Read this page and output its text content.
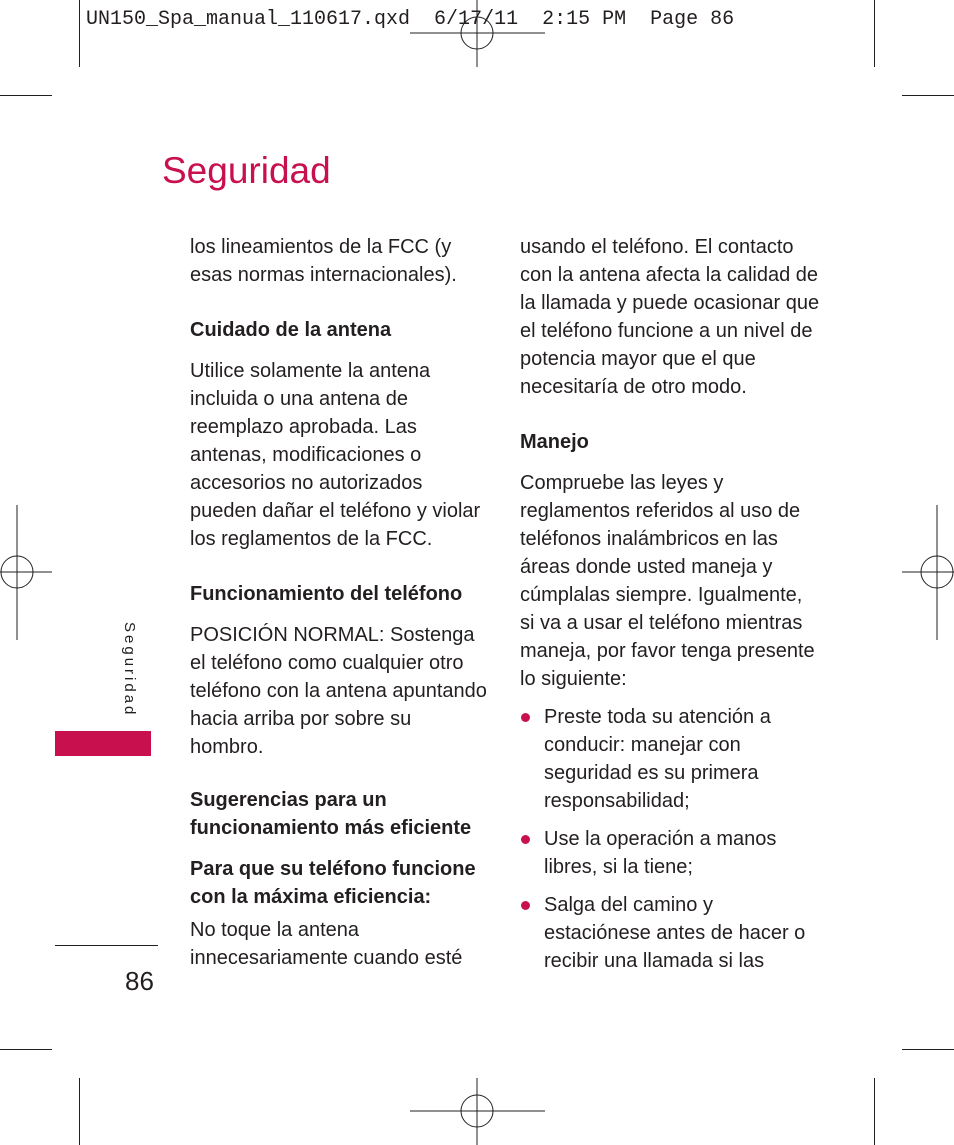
UN150_Spa_manual_110617.qxd  6/17/11  2:15 PM  Page 86
Seguridad

los lineamientos de la FCC (y esas normas internacionales).

Cuidado de la antena

Utilice solamente la antena incluida o una antena de reemplazo aprobada. Las antenas, modificaciones o accesorios no autorizados pueden dañar el teléfono y violar los reglamentos de la FCC.

Funcionamiento del teléfono

POSICIÓN NORMAL: Sostenga el teléfono como cualquier otro teléfono con la antena apuntando hacia arriba por sobre su hombro.

Sugerencias para un funcionamiento más eficiente
Para que su teléfono funcione con la máxima eficiencia:

No toque la antena innecesariamente cuando esté

usando el teléfono. El contacto con la antena afecta la calidad de la llamada y puede ocasionar que el teléfono funcione a un nivel de potencia mayor que el que necesitaría de otro modo.

Manejo

Compruebe las leyes y reglamentos referidos al uso de teléfonos inalámbricos en las áreas donde usted maneja y cúmplalas siempre. Igualmente, si va a usar el teléfono mientras maneja, por favor tenga presente lo siguiente:

Preste toda su atención a conducir: manejar con seguridad es su primera responsabilidad;
Use la operación a manos libres, si la tiene;
Salga del camino y estaciónese antes de hacer o recibir una llamada si las
Seguridad
86
